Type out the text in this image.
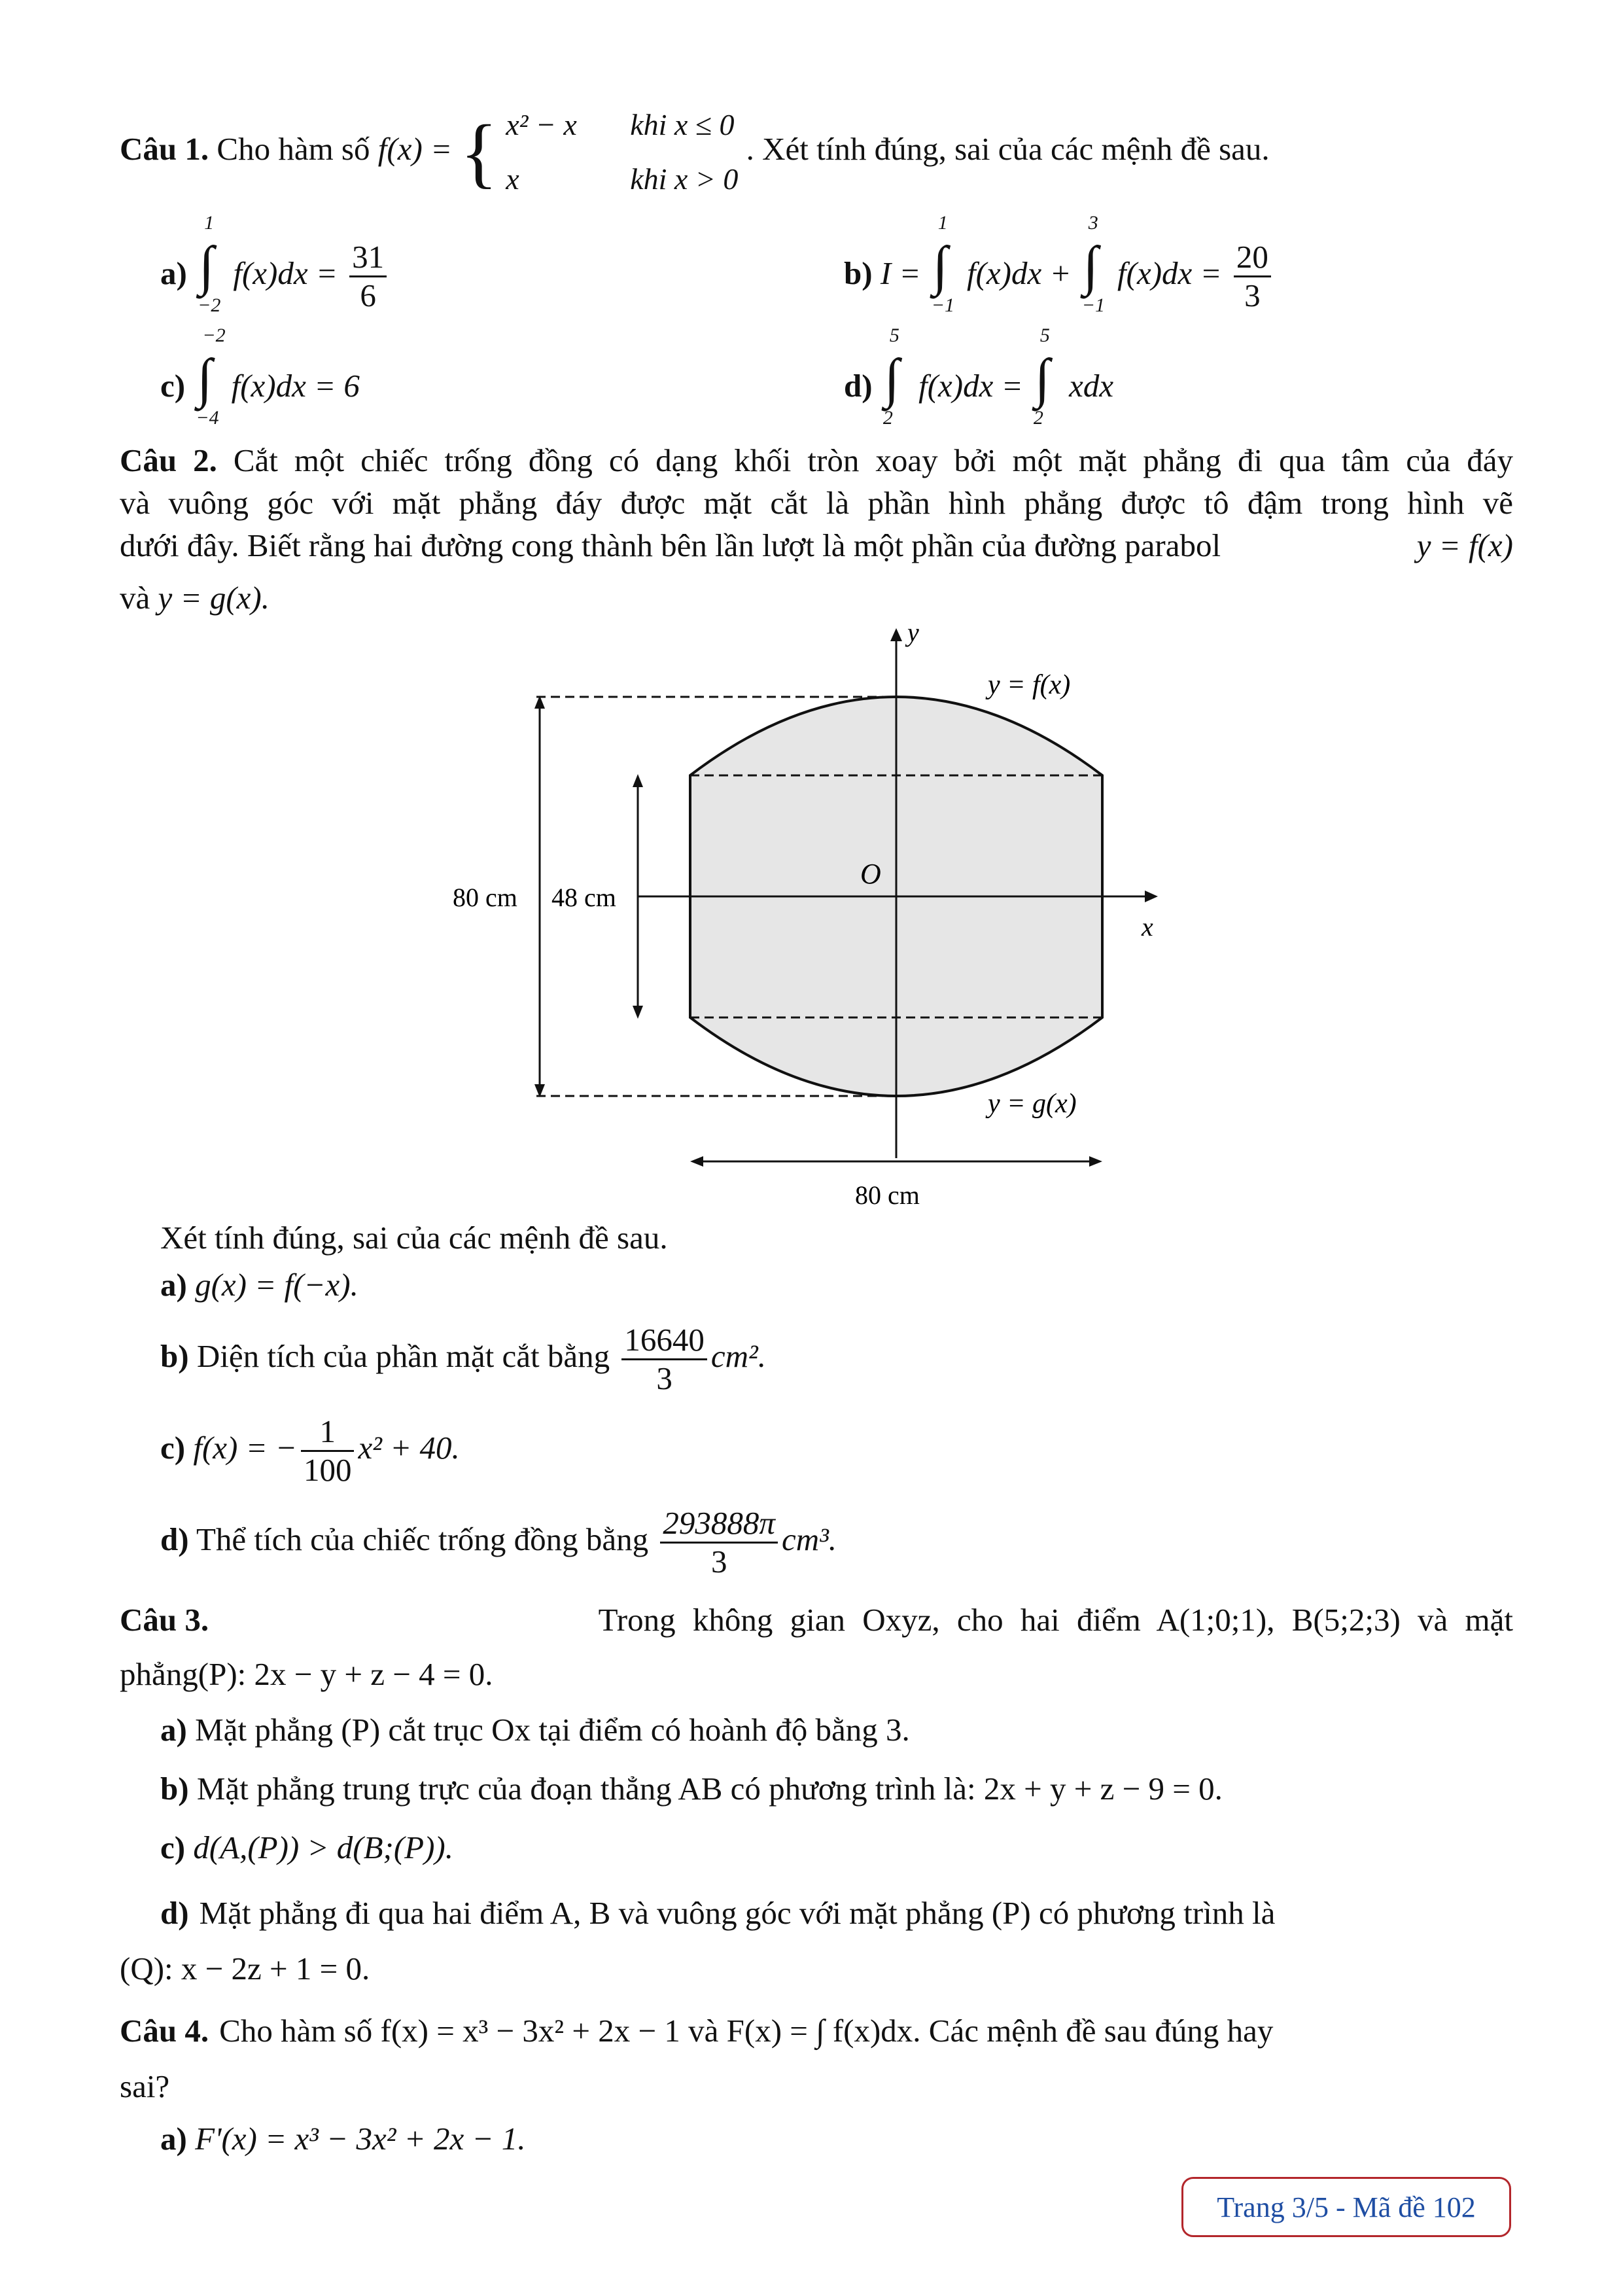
Câu 1. Cho hàm số f(x) = { x² − x khi x ≤ 0
x	khi x > 0
. Xét tính đúng, sai của các mệnh đề sau.
a) ∫
1
−2
$f(x)dx = \frac{31}{6}$	b) I = ∫
1
−1
f(x)dx + ∫
3
−1
$f(x)dx = \frac{20}{3}$
c) ∫
−2
−4
f(x)dx = 6	d) ∫
5
2
f(x)dx = ∫
5
2
xdx
Câu 2. Cắt một chiếc trống đồng có dạng khối tròn xoay bởi một mặt phẳng đi qua tâm của đáy
và vuông góc với mặt phẳng đáy được mặt cắt là phần hình phẳng được tô đậm trong hình vẽ
dưới đây. Biết rằng hai đường cong thành bên lần lượt là một phần của đường parabol	y = f(x)
và y = g(x).
y
x
O
y = f(x)
y = g(x)
80 cm 48 cm
80 cm
Xét tính đúng, sai của các mệnh đề sau.
a) g(x) = f(−x).
b) Diện tích của phần mặt cắt bằng $\frac{16640}{3} cm^2$.
c) f(x) = − $\frac{1}{100} x^2 + 40$.
d) Thể tích của chiếc trống đồng bằng $\frac{293888\pi}{3} cm^3$.
Câu 3.	Trong không gian Oxyz, cho hai điểm A(1;0;1), B(5;2;3) và mặt
phẳng(P): 2x − y + z − 4 = 0.
a) Mặt phẳng (P) cắt trục Ox tại điểm có hoành độ bằng 3.
b) Mặt phẳng trung trực của đoạn thẳng AB có phương trình là: 2x + y + z − 9 = 0.
c) d(A,(P)) > d(B;(P)).
d) Mặt phẳng đi qua hai điểm A, B và vuông góc với mặt phẳng (P) có phương trình là
(Q): x − 2z + 1 = 0.
Câu 4. Cho hàm số f(x) = x³ − 3x² + 2x − 1 và F(x) = ∫ f(x)dx. Các mệnh đề sau đúng hay
sai?
a) F'(x) = x³ − 3x² + 2x − 1.
Trang 3/5 - Mã đề 102
